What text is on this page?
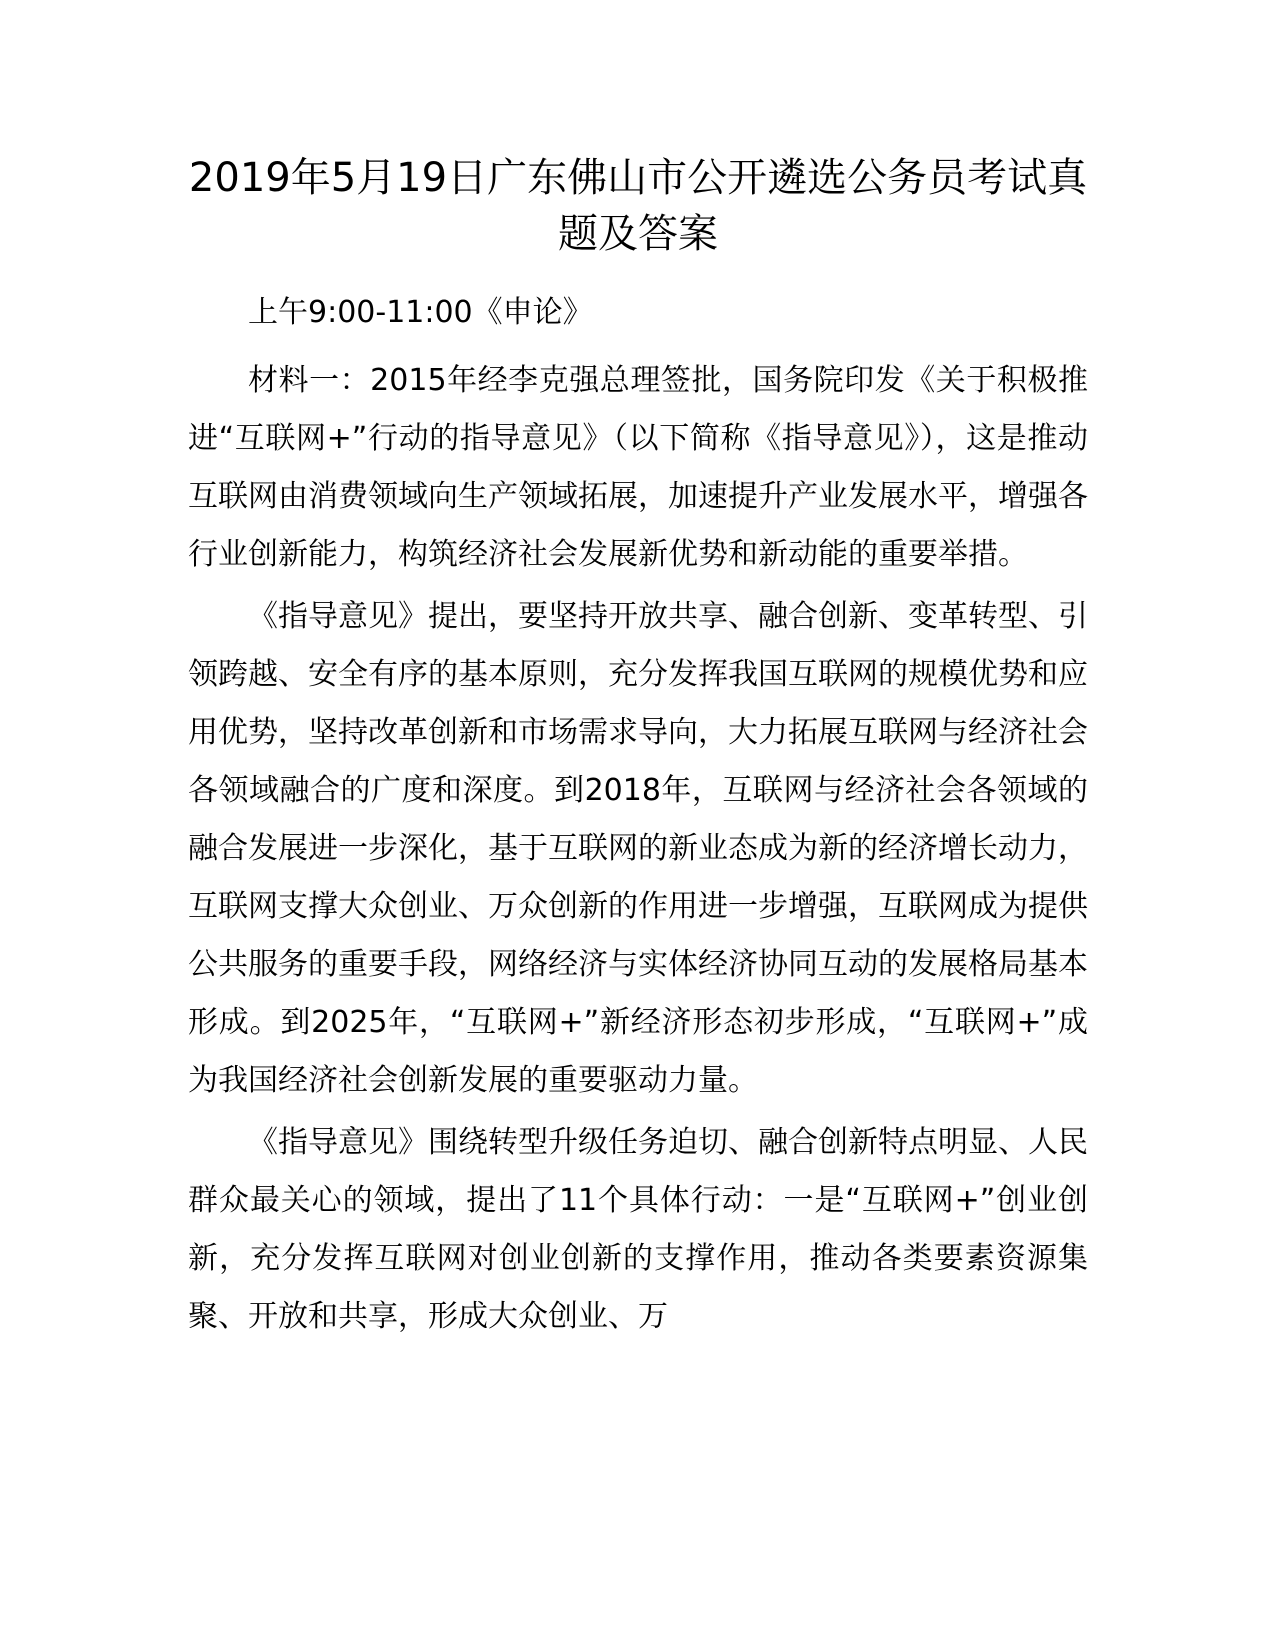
2019年5月19日广东佛山市公开遴选公务员考试真题及答案

上午9:00-11:00《申论》

材料一：2015年经李克强总理签批，国务院印发《关于积极推进“互联网+”行动的指导意见》（以下简称《指导意见》），这是推动互联网由消费领域向生产领域拓展，加速提升产业发展水平，增强各行业创新能力，构筑经济社会发展新优势和新动能的重要举措。

《指导意见》提出，要坚持开放共享、融合创新、变革转型、引领跨越、安全有序的基本原则，充分发挥我国互联网的规模优势和应用优势，坚持改革创新和市场需求导向，大力拓展互联网与经济社会各领域融合的广度和深度。到2018年，互联网与经济社会各领域的融合发展进一步深化，基于互联网的新业态成为新的经济增长动力，互联网支撑大众创业、万众创新的作用进一步增强，互联网成为提供公共服务的重要手段，网络经济与实体经济协同互动的发展格局基本形成。到2025年，“互联网+”新经济形态初步形成，“互联网+”成为我国经济社会创新发展的重要驱动力量。

《指导意见》围绕转型升级任务迫切、融合创新特点明显、人民群众最关心的领域，提出了11个具体行动：一是“互联网+”创业创新，充分发挥互联网对创业创新的支撑作用，推动各类要素资源集聚、开放和共享，形成大众创业、万
